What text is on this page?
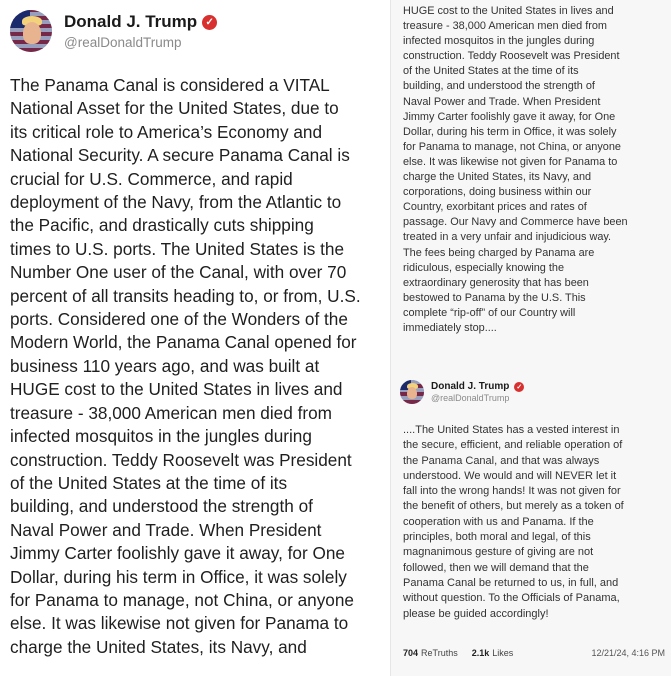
Donald J. Trump ✓
@realDonaldTrump
Donald J. Trump ✓
@realDonaldTrump
The Panama Canal is considered a VITAL
National Asset for the United States, due to
its critical role to America’s Economy and
National Security. A secure Panama Canal is
crucial for U.S. Commerce, and rapid
deployment of the Navy, from the Atlantic to
the Pacific, and drastically cuts shipping
times to U.S. ports. The United States is the
Number One user of the Canal, with over 70
percent of all transits heading to, or from, U.S.
ports. Considered one of the Wonders of the
Modern World, the Panama Canal opened for
business 110 years ago, and was built at
HUGE cost to the United States in lives and
treasure - 38,000 American men died from
infected mosquitos in the jungles during
construction. Teddy Roosevelt was President
of the United States at the time of its
building, and understood the strength of
Naval Power and Trade. When President
Jimmy Carter foolishly gave it away, for One
Dollar, during his term in Office, it was solely
for Panama to manage, not China, or anyone
else. It was likewise not given for Panama to
charge the United States, its Navy, and
HUGE cost to the United States in lives and
treasure - 38,000 American men died from
infected mosquitos in the jungles during
construction. Teddy Roosevelt was President
of the United States at the time of its
building, and understood the strength of
Naval Power and Trade. When President
Jimmy Carter foolishly gave it away, for One
Dollar, during his term in Office, it was solely
for Panama to manage, not China, or anyone
else. It was likewise not given for Panama to
charge the United States, its Navy, and
corporations, doing business within our
Country, exorbitant prices and rates of
passage. Our Navy and Commerce have been
treated in a very unfair and injudicious way.
The fees being charged by Panama are
ridiculous, especially knowing the
extraordinary generosity that has been
bestowed to Panama by the U.S. This
complete “rip-off” of our Country will
immediately stop....
....The United States has a vested interest in
the secure, efficient, and reliable operation of
the Panama Canal, and that was always
understood. We would and will NEVER let it
fall into the wrong hands! It was not given for
the benefit of others, but merely as a token of
cooperation with us and Panama. If the
principles, both moral and legal, of this
magnanimous gesture of giving are not
followed, then we will demand that the
Panama Canal be returned to us, in full, and
without question. To the Officials of Panama,
please be guided accordingly!
704 ReTruths 2.1k Likes	12/21/24, 4:16 PM
